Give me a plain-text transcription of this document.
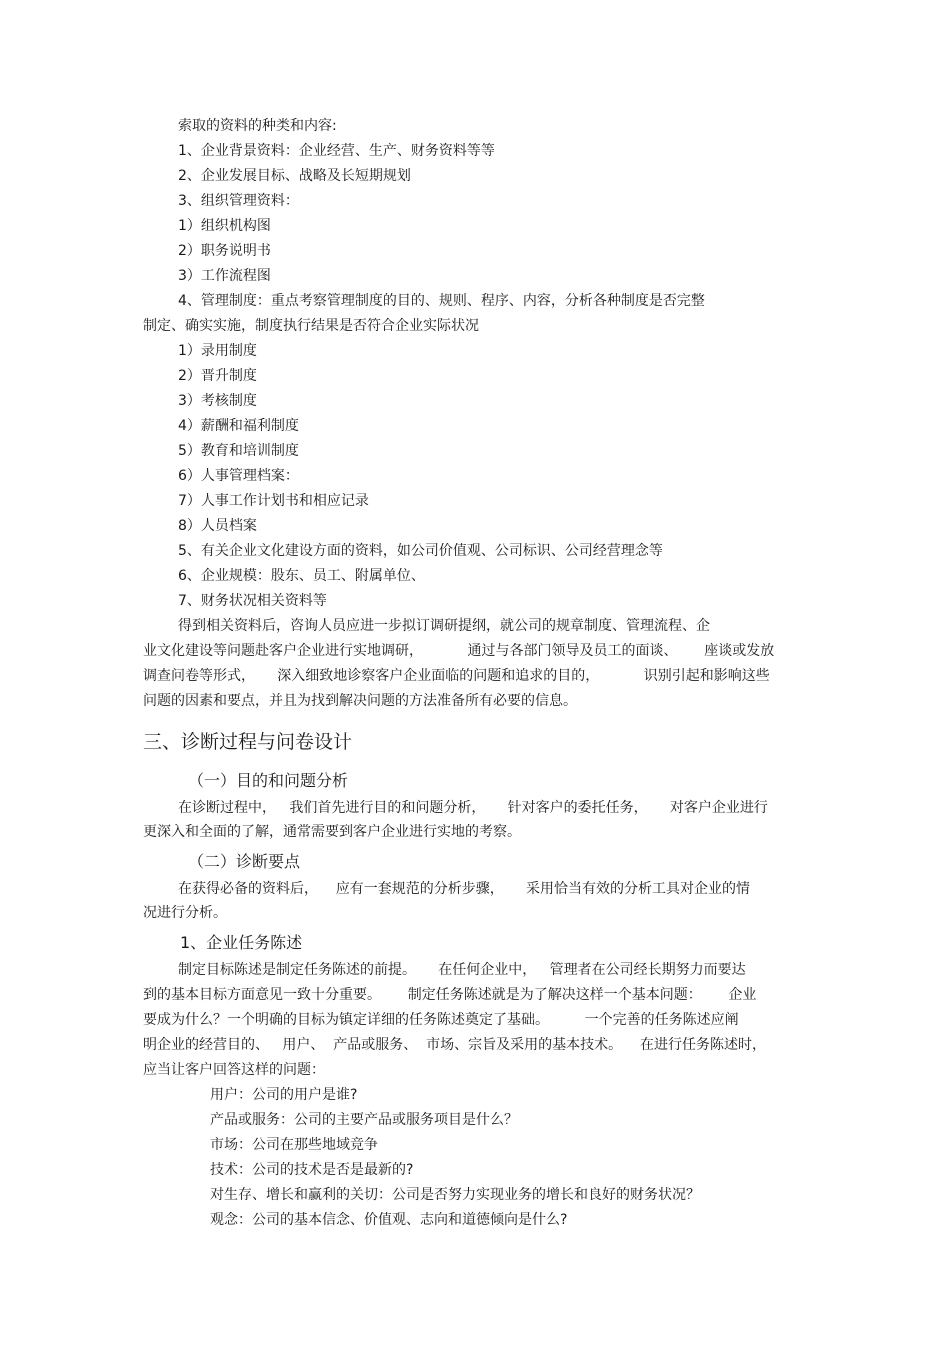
索取的资料的种类和内容:
1、企业背景资料：企业经营、生产、财务资料等等
2、企业发展目标、战略及长短期规划
3、组织管理资料：
1）组织机构图
2）职务说明书
3）工作流程图
4、管理制度：重点考察管理制度的目的、规则、程序、内容，分析各种制度是否完整
制定、确实实施，制度执行结果是否符合企业实际状况
1）录用制度
2）晋升制度
3）考核制度
4）薪酬和福利制度
5）教育和培训制度
6）人事管理档案：
7）人事工作计划书和相应记录
8）人员档案
5、有关企业文化建设方面的资料，如公司价值观、公司标识、公司经营理念等
6、企业规模：股东、员工、附属单位、
7、财务状况相关资料等
得到相关资料后，咨询人员应进一步拟订调研提纲，就公司的规章制度、管理流程、企
业文化建设等问题赴客户企业进行实地调研，          通过与各部门领导及员工的面谈、      座谈或发放
调查问卷等形式，     深入细致地诊察客户企业面临的问题和追求的目的，          识别引起和影响这些
问题的因素和要点，并且为找到解决问题的方法准备所有必要的信息。
三、诊断过程与问卷设计
（一）目的和问题分析
在诊断过程中，   我们首先进行目的和问题分析，     针对客户的委托任务，     对客户企业进行
更深入和全面的了解，通常需要到客户企业进行实地的考察。
（二）诊断要点
在获得必备的资料后，    应有一套规范的分析步骤，     采用恰当有效的分析工具对企业的情
况进行分析。
1、企业任务陈述
制定目标陈述是制定任务陈述的前提。     在任何企业中，   管理者在公司经长期努力而要达
到的基本目标方面意见一致十分重要。      制定任务陈述就是为了解决这样一个基本问题：      企业
要成为什么？一个明确的目标为镇定详细的任务陈述奠定了基础。        一个完善的任务陈述应阐
明企业的经营目的、   用户、  产品或服务、  市场、宗旨及采用的基本技术。    在进行任务陈述时，
应当让客户回答这样的问题：
用户：公司的用户是谁?
产品或服务：公司的主要产品或服务项目是什么？
市场：公司在那些地域竞争
技术：公司的技术是否是最新的?
对生存、增长和赢利的关切：公司是否努力实现业务的增长和良好的财务状况？
观念：公司的基本信念、价值观、志向和道德倾向是什么?
